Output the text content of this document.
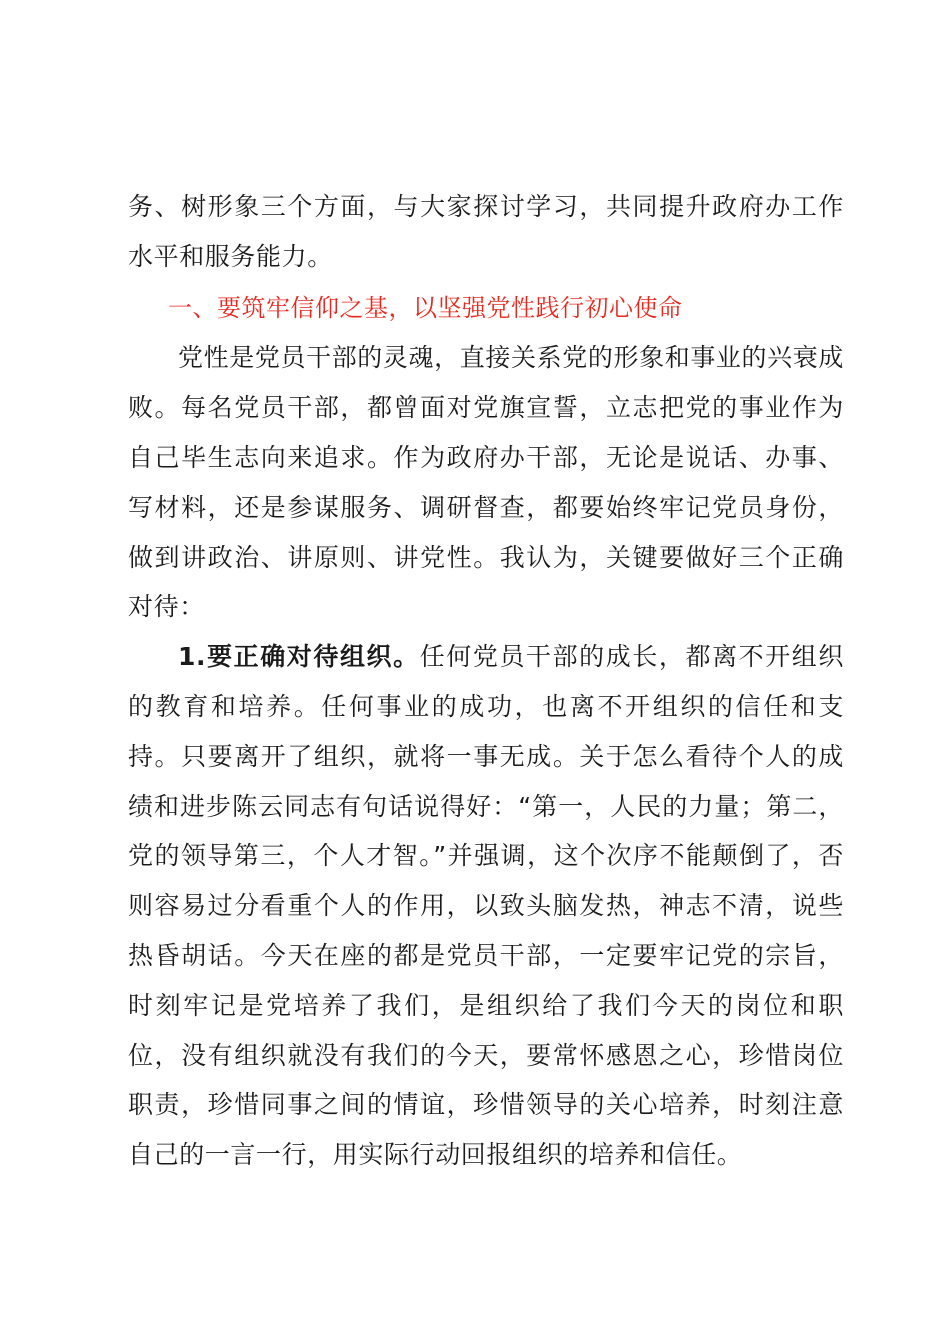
务、树形象三个方面，与大家探讨学习，共同提升政府办工作水平和服务能力。

一、要筑牢信仰之基，以坚强党性践行初心使命

党性是党员干部的灵魂，直接关系党的形象和事业的兴衰成败。每名党员干部，都曾面对党旗宣誓，立志把党的事业作为自己毕生志向来追求。作为政府办干部，无论是说话、办事、写材料，还是参谋服务、调研督查，都要始终牢记党员身份，做到讲政治、讲原则、讲党性。我认为，关键要做好三个正确对待：

1.要正确对待组织。任何党员干部的成长，都离不开组织的教育和培养。任何事业的成功，也离不开组织的信任和支持。只要离开了组织，就将一事无成。关于怎么看待个人的成绩和进步陈云同志有句话说得好：“第一，人民的力量；第二，党的领导第三，个人才智。”并强调，这个次序不能颠倒了，否则容易过分看重个人的作用，以致头脑发热，神志不清，说些热昏胡话。今天在座的都是党员干部，一定要牢记党的宗旨，时刻牢记是党培养了我们，是组织给了我们今天的岗位和职位，没有组织就没有我们的今天，要常怀感恩之心，珍惜岗位职责，珍惜同事之间的情谊，珍惜领导的关心培养，时刻注意自己的一言一行，用实际行动回报组织的培养和信任。
